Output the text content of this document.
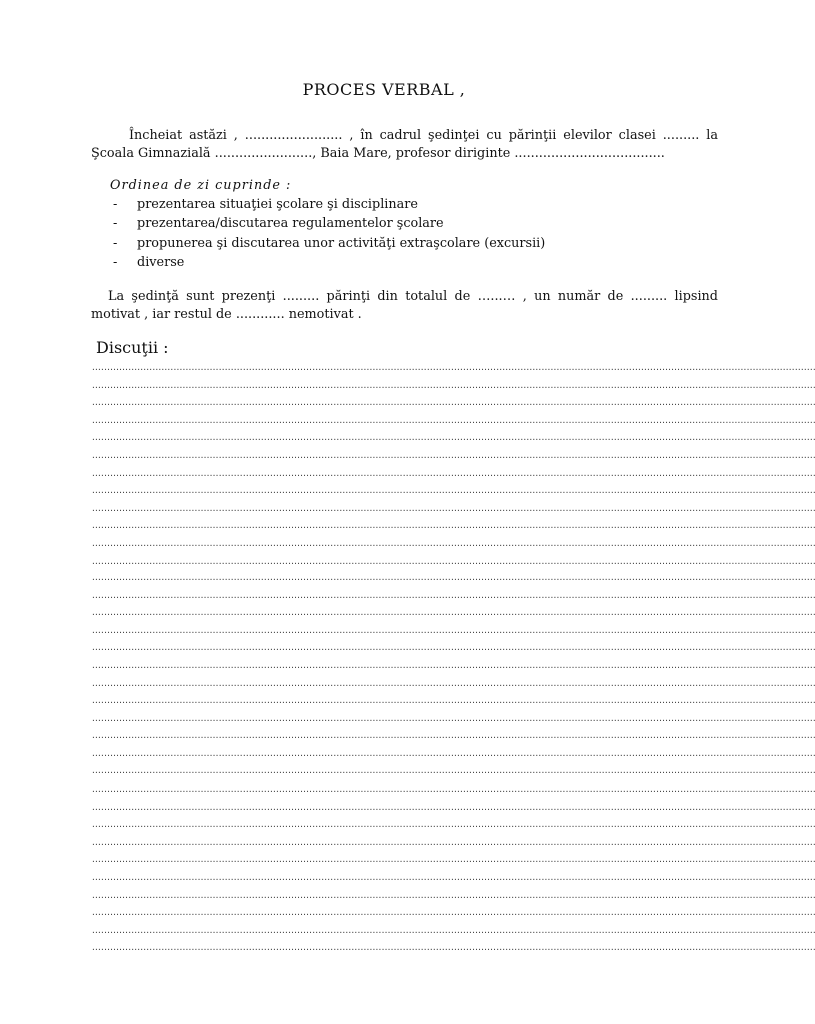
PROCES VERBAL ,
Încheiat astăzi , ........................ , în cadrul şedinţei cu părinţii elevilor clasei ......... la Şcoala Gimnazială ........................, Baia Mare, profesor diriginte .....................................
Ordinea de zi cuprinde :
- prezentarea situaţiei şcolare şi disciplinare
- prezentarea/discutarea regulamentelor şcolare
- propunerea şi discutarea unor activităţi extraşcolare (excursii)
- diverse
La şedinţă sunt prezenţi ......... părinţi din totalul de …...… , un număr de ......... lipsind motivat , iar restul de ............ nemotivat .
Discuţii :
................................................................................................................................................................................................................................................
................................................................................................................................................................................................................................................
................................................................................................................................................................................................................................................
................................................................................................................................................................................................................................................
................................................................................................................................................................................................................................................
................................................................................................................................................................................................................................................
................................................................................................................................................................................................................................................
................................................................................................................................................................................................................................................
................................................................................................................................................................................................................................................
................................................................................................................................................................................................................................................
................................................................................................................................................................................................................................................
................................................................................................................................................................................................................................................
................................................................................................................................................................................................................................................
................................................................................................................................................................................................................................................
................................................................................................................................................................................................................................................
................................................................................................................................................................................................................................................
................................................................................................................................................................................................................................................
................................................................................................................................................................................................................................................
................................................................................................................................................................................................................................................
................................................................................................................................................................................................................................................
................................................................................................................................................................................................................................................
................................................................................................................................................................................................................................................
................................................................................................................................................................................................................................................
................................................................................................................................................................................................................................................
................................................................................................................................................................................................................................................
................................................................................................................................................................................................................................................
................................................................................................................................................................................................................................................
................................................................................................................................................................................................................................................
................................................................................................................................................................................................................................................
................................................................................................................................................................................................................................................
................................................................................................................................................................................................................................................
................................................................................................................................................................................................................................................
................................................................................................................................................................................................................................................
................................................................................................................................................................................................................................................
